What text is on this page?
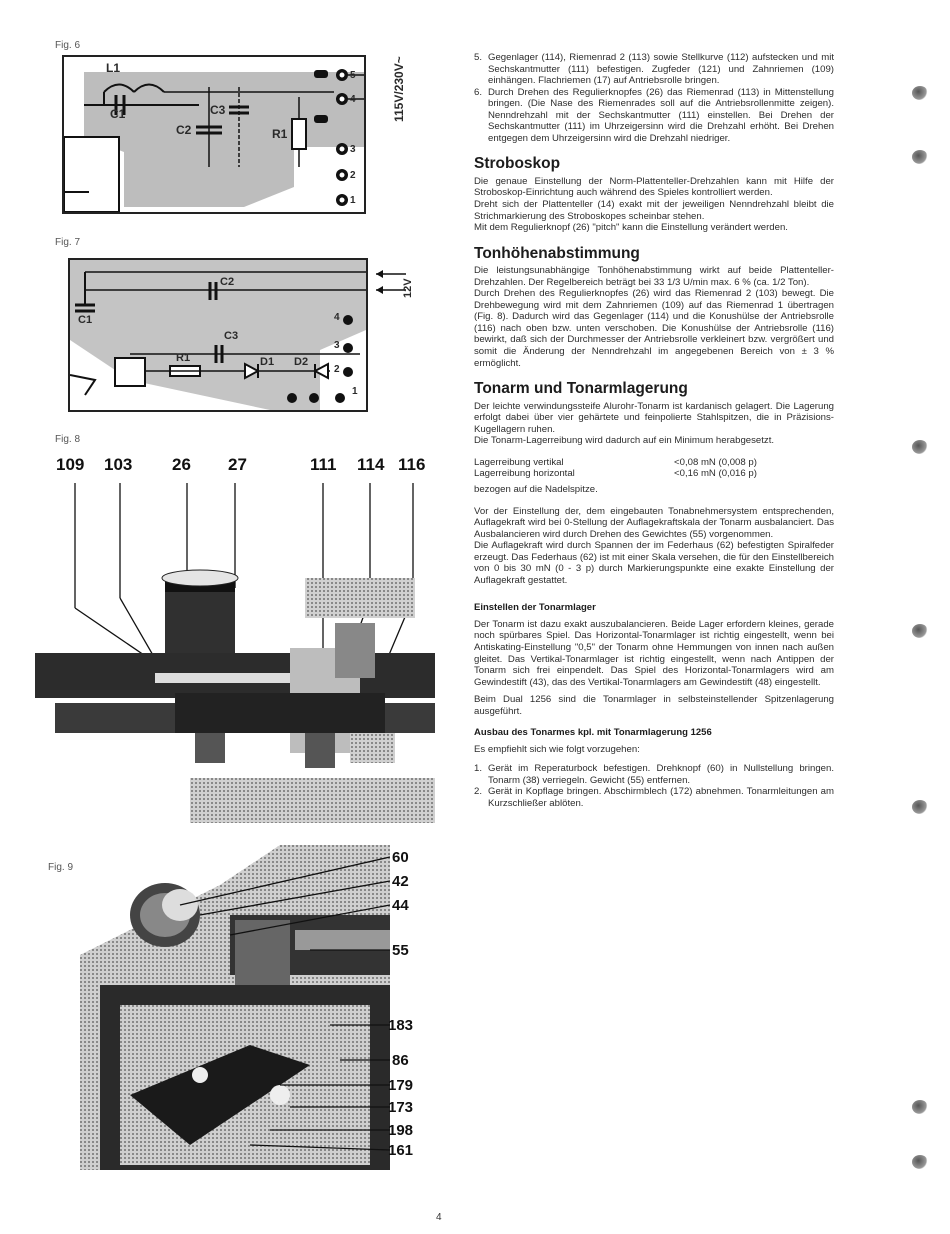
Fig. 6
L1
C1
C2
C3
R1
5
4
3
2
1
115V/230V~
Fig. 7
C1
C2
C3
R1	D1 D2
4
3
2
1
12V
Fig. 8
109 103 26 27	111 114 116
Fig. 9
60
42
44
55
183
86
179
173
198
161
5. Gegenlager (114), Riemenrad 2 (113) sowie Stellkurve (112) aufstecken und mit Sechskantmutter (111) befestigen. Zugfeder (121) und Zahnriemen (109) einhängen. Flachriemen (17) auf Antriebsrolle bringen.
6. Durch Drehen des Regulierknopfes (26) das Riemenrad (113) in Mittenstellung bringen. (Die Nase des Riemenrades soll auf die Antriebsrollenmitte zeigen). Nenndrehzahl mit der Sechskantmutter (111) einstellen. Bei Drehen der Sechskantmutter (111) im Uhrzeigersinn wird die Drehzahl erhöht. Bei Drehen entgegen dem Uhrzeigersinn wird die Drehzahl niedriger.
Stroboskop

Die genaue Einstellung der Norm-Plattenteller-Drehzahlen kann mit Hilfe der Stroboskop-Einrichtung auch während des Spieles kontrolliert werden.

Dreht sich der Plattenteller (14) exakt mit der jeweiligen Nenndrehzahl bleibt die Strichmarkierung des Stroboskopes scheinbar stehen.

Mit dem Regulierknopf (26) "pitch" kann die Einstellung verändert werden.

Tonhöhenabstimmung

Die leistungsunabhängige Tonhöhenabstimmung wirkt auf beide Plattenteller-Drehzahlen. Der Regelbereich beträgt bei 33 1/3 U/min max. 6 % (ca. 1/2 Ton).

Durch Drehen des Regulierknopfes (26) wird das Riemenrad 2 (103) bewegt. Die Drehbewegung wird mit dem Zahnriemen (109) auf das Riemenrad 1 übertragen (Fig. 8). Dadurch wird das Gegenlager (114) und die Konushülse der Antriebsrolle (116) nach oben bzw. unten verschoben. Die Konushülse der Antriebsrolle (116) bewirkt, daß sich der Durchmesser der Antriebsrolle verkleinert bzw. vergrößert und somit die Änderung der Nenndrehzahl im angegebenen Bereich von ± 3 % ermöglicht.

Tonarm und Tonarmlagerung

Der leichte verwindungssteife Alurohr-Tonarm ist kardanisch gelagert. Die Lagerung erfolgt dabei über vier gehärtete und feinpolierte Stahlspitzen, die in Präzisions-Kugellagern ruhen.

Die Tonarm-Lagerreibung wird dadurch auf ein Minimum herabgesetzt.

Lagerreibung vertikal	<0,08 mN (0,008 p)
Lagerreibung horizontal	<0,16 mN (0,016 p)

bezogen auf die Nadelspitze.

Vor der Einstellung der, dem eingebauten Tonabnehmersystem entsprechenden, Auflagekraft wird bei 0-Stellung der Auflagekraftskala der Tonarm ausbalanciert. Das Ausbalancieren wird durch Drehen des Gewichtes (55) vorgenommen.

Die Auflagekraft wird durch Spannen der im Federhaus (62) befestigten Spiralfeder erzeugt. Das Federhaus (62) ist mit einer Skala versehen, die für den Einstellbereich von 0 bis 30 mN (0 - 3 p) durch Markierungspunkte eine exakte Einstellung der Auflagekraft gestattet.

Einstellen der Tonarmlager

Der Tonarm ist dazu exakt auszubalancieren. Beide Lager erfordern kleines, gerade noch spürbares Spiel. Das Horizontal-Tonarmlager ist richtig eingestellt, wenn bei Antiskating-Einstellung "0,5" der Tonarm ohne Hemmungen von innen nach außen gleitet. Das Vertikal-Tonarmlager ist richtig eingestellt, wenn nach Antippen der Tonarm sich frei einpendelt. Das Spiel des Horizontal-Tonarmlagers wird am Gewindestift (43), das des Vertikal-Tonarmlagers am Gewindestift (48) eingestellt.

Beim Dual 1256 sind die Tonarmlager in selbsteinstellender Spitzenlagerung ausgeführt.

Ausbau des Tonarmes kpl. mit Tonarmlagerung 1256

Es empfiehlt sich wie folgt vorzugehen:

1. Gerät im Reperaturbock befestigen. Drehknopf (60) in Nullstellung bringen. Tonarm (38) verriegeln. Gewicht (55) entfernen.
2. Gerät in Kopflage bringen. Abschirmblech (172) abnehmen. Tonarmleitungen am Kurzschließer ablöten.
4
